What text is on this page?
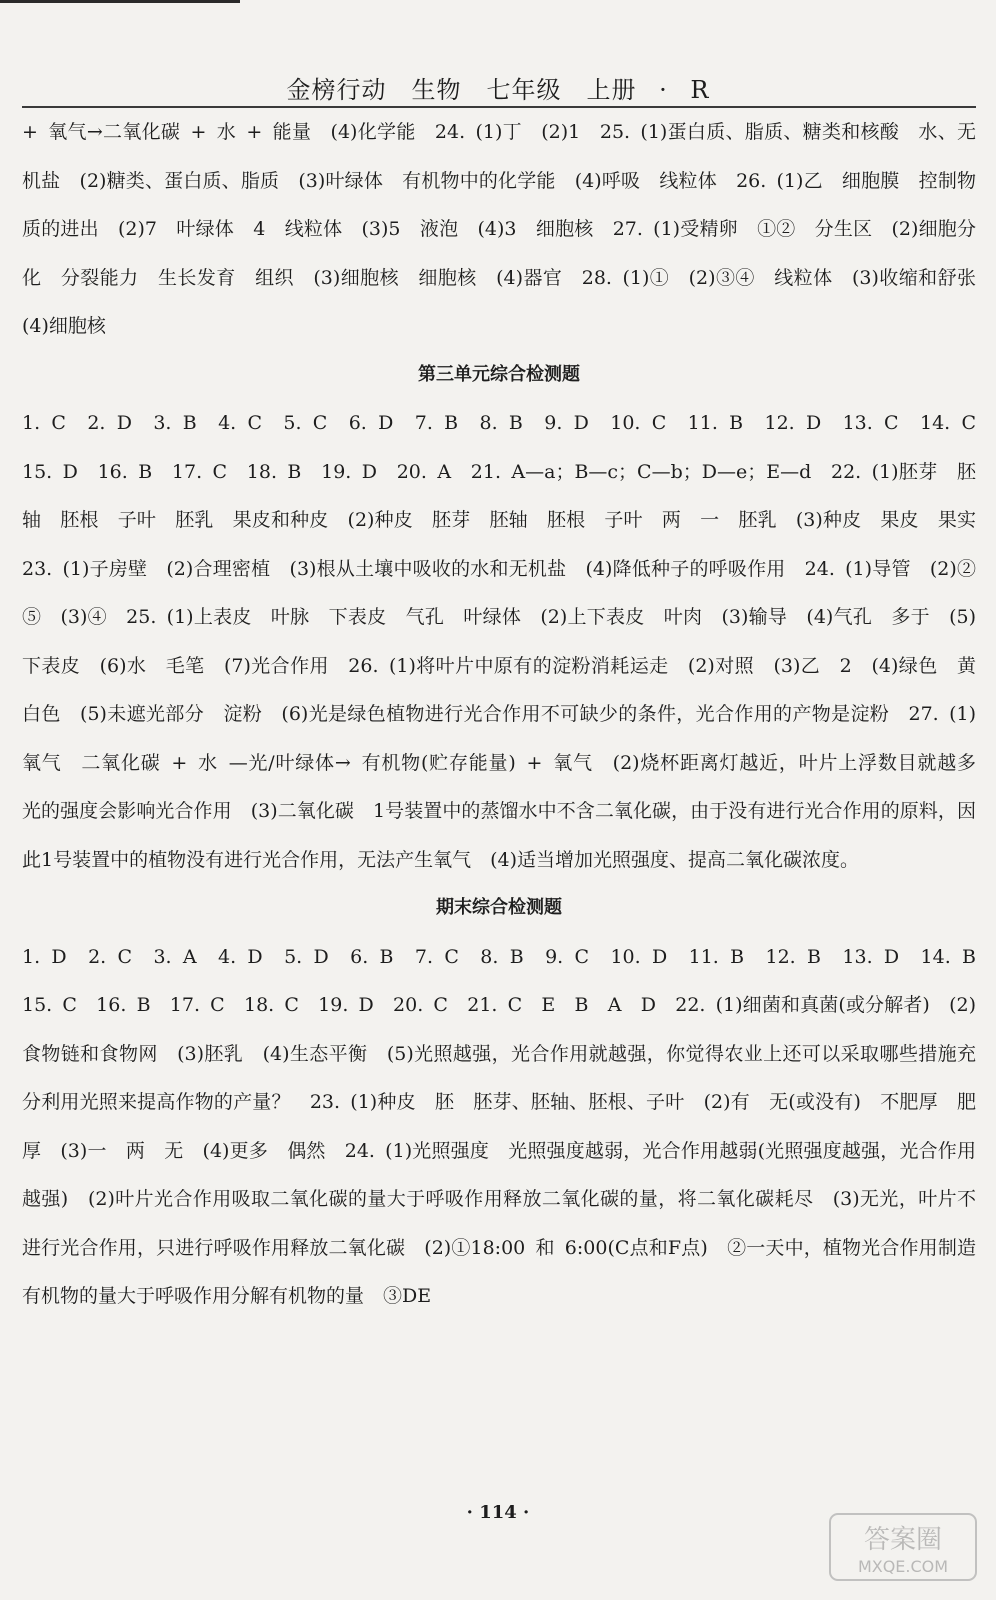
金榜行动　生物　七年级　上册 · R

+ 氧气→二氧化碳 + 水 + 能量　(4)化学能　24. (1)丁　(2)1　25. (1)蛋白质、脂质、糖类和核酸　水、无机盐　(2)糖类、蛋白质、脂质　(3)叶绿体　有机物中的化学能　(4)呼吸　线粒体　26. (1)乙　细胞膜　控制物质的进出　(2)7　叶绿体　4　线粒体　(3)5　液泡　(4)3　细胞核　27. (1)受精卵　①②　分生区　(2)细胞分化　分裂能力　生长发育　组织　(3)细胞核　细胞核　(4)器官　28. (1)①　(2)③④　线粒体　(3)收缩和舒张　(4)细胞核

第三单元综合检测题

1. C　2. D　3. B　4. C　5. C　6. D　7. B　8. B　9. D　10. C　11. B　12. D　13. C　14. C　15. D　16. B　17. C　18. B　19. D　20. A　21. A—a；B—c；C—b；D—e；E—d　22. (1)胚芽　胚轴　胚根　子叶　胚乳　果皮和种皮　(2)种皮　胚芽　胚轴　胚根　子叶　两　一　胚乳　(3)种皮　果皮　果实　23. (1)子房壁　(2)合理密植　(3)根从土壤中吸收的水和无机盐　(4)降低种子的呼吸作用　24. (1)导管　(2)②　⑤　(3)④　25. (1)上表皮　叶脉　下表皮　气孔　叶绿体　(2)上下表皮　叶肉　(3)输导　(4)气孔　多于　(5)下表皮　(6)水　毛笔　(7)光合作用　26. (1)将叶片中原有的淀粉消耗运走　(2)对照　(3)乙　2　(4)绿色　黄白色　(5)未遮光部分　淀粉　(6)光是绿色植物进行光合作用不可缺少的条件，光合作用的产物是淀粉　27. (1)氧气　二氧化碳 + 水 —光/叶绿体→ 有机物(贮存能量) + 氧气　(2)烧杯距离灯越近，叶片上浮数目就越多　光的强度会影响光合作用　(3)二氧化碳　1号装置中的蒸馏水中不含二氧化碳，由于没有进行光合作用的原料，因此1号装置中的植物没有进行光合作用，无法产生氧气　(4)适当增加光照强度、提高二氧化碳浓度。

期末综合检测题

1. D　2. C　3. A　4. D　5. D　6. B　7. C　8. B　9. C　10. D　11. B　12. B　13. D　14. B　15. C　16. B　17. C　18. C　19. D　20. C　21. C　E　B　A　D　22. (1)细菌和真菌(或分解者)　(2)食物链和食物网　(3)胚乳　(4)生态平衡　(5)光照越强，光合作用就越强，你觉得农业上还可以采取哪些措施充分利用光照来提高作物的产量？　23. (1)种皮　胚　胚芽、胚轴、胚根、子叶　(2)有　无(或没有)　不肥厚　肥厚　(3)一　两　无　(4)更多　偶然　24. (1)光照强度　光照强度越弱，光合作用越弱(光照强度越强，光合作用越强)　(2)叶片光合作用吸取二氧化碳的量大于呼吸作用释放二氧化碳的量，将二氧化碳耗尽　(3)无光，叶片不进行光合作用，只进行呼吸作用释放二氧化碳　(2)①18:00 和 6:00(C点和F点)　②一天中，植物光合作用制造有机物的量大于呼吸作用分解有机物的量　③DE

· 114 ·
答案圈
MXQE.COM
